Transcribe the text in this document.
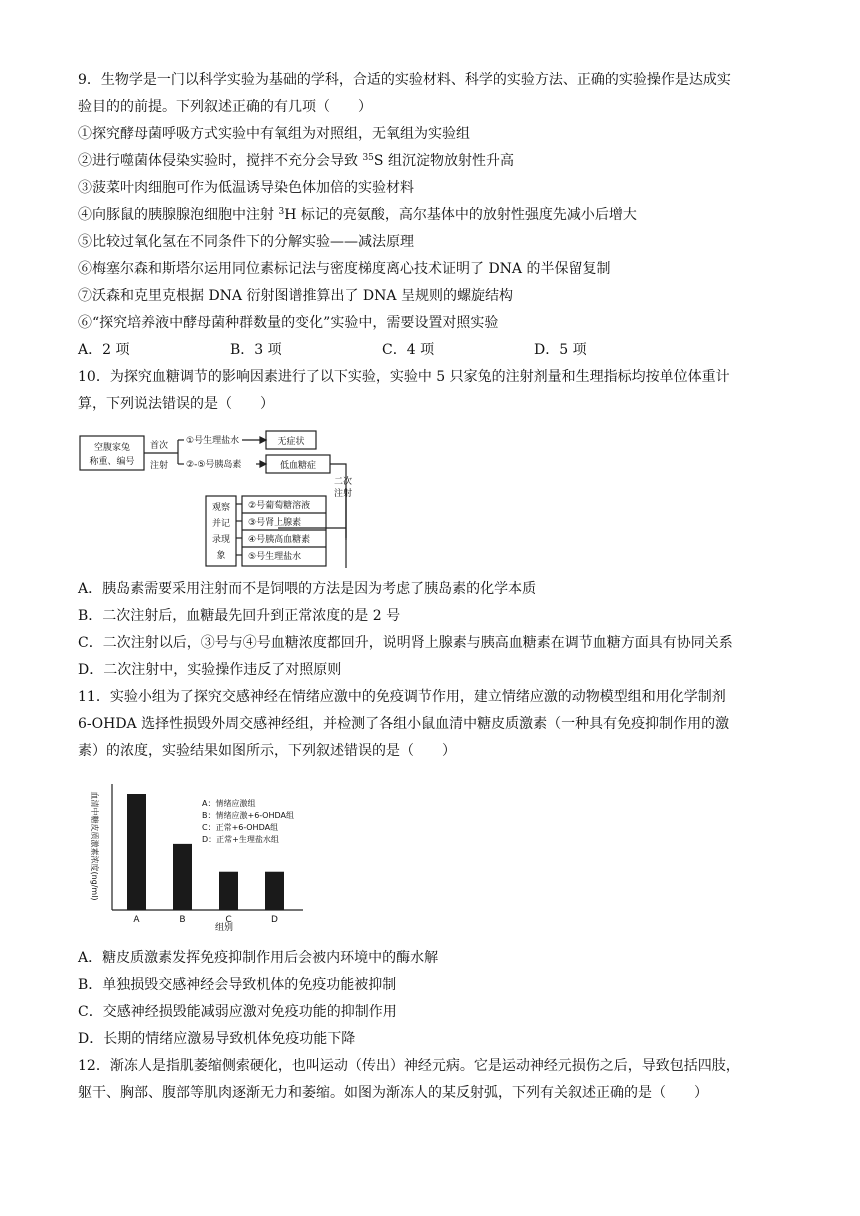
9．生物学是一门以科学实验为基础的学科，合适的实验材料、科学的实验方法、正确的实验操作是达成实
验目的的前提。下列叙述正确的有几项（　　）
①探究酵母菌呼吸方式实验中有氧组为对照组，无氧组为实验组
②进行噬菌体侵染实验时，搅拌不充分会导致 $^{35}$S 组沉淀物放射性升高
③菠菜叶肉细胞可作为低温诱导染色体加倍的实验材料
④向豚鼠的胰腺腺泡细胞中注射 $^3$H 标记的亮氨酸，高尔基体中的放射性强度先减小后增大
⑤比较过氧化氢在不同条件下的分解实验——减法原理
⑥梅塞尔森和斯塔尔运用同位素标记法与密度梯度离心技术证明了 DNA 的半保留复制
⑦沃森和克里克根据 DNA 衍射图谱推算出了 DNA 呈规则的螺旋结构
⑥“探究培养液中酵母菌种群数量的变化”实验中，需要设置对照实验
A．2 项	B．3 项	C．4 项	D．5 项
10．为探究血糖调节的影响因素进行了以下实验，实验中 5 只家兔的注射剂量和生理指标均按单位体重计
算，下列说法错误的是（　　）
空腹家兔
称重、编号
首次
注射
①号生理盐水
②-⑤号胰岛素
无症状
低血糖症
二次
注射
观察
并记
录现
象
②号葡萄糖溶液
③号肾上腺素
④号胰高血糖素
⑤号生理盐水
A．胰岛素需要采用注射而不是饲喂的方法是因为考虑了胰岛素的化学本质
B．二次注射后，血糖最先回升到正常浓度的是 2 号
C．二次注射以后，③号与④号血糖浓度都回升，说明肾上腺素与胰高血糖素在调节血糖方面具有协同关系
D．二次注射中，实验操作违反了对照原则
11．实验小组为了探究交感神经在情绪应激中的免疫调节作用，建立情绪应激的动物模型组和用化学制剂
6-OHDA 选择性损毁外周交感神经组，并检测了各组小鼠血清中糖皮质激素（一种具有免疫抑制作用的激
素）的浓度，实验结果如图所示，下列叙述错误的是（　　）
血清中糖皮质激素浓度(ng/ml)
组别
A	B	C	D
A：情绪应激组
B：情绪应激+6-OHDA组
C：正常+6-OHDA组
D：正常+生理盐水组
A．糖皮质激素发挥免疫抑制作用后会被内环境中的酶水解
B．单独损毁交感神经会导致机体的免疫功能被抑制
C．交感神经损毁能减弱应激对免疫功能的抑制作用
D．长期的情绪应激易导致机体免疫功能下降
12．渐冻人是指肌萎缩侧索硬化，也叫运动（传出）神经元病。它是运动神经元损伤之后，导致包括四肢，
躯干、胸部、腹部等肌肉逐渐无力和萎缩。如图为渐冻人的某反射弧，下列有关叙述正确的是（　　）
